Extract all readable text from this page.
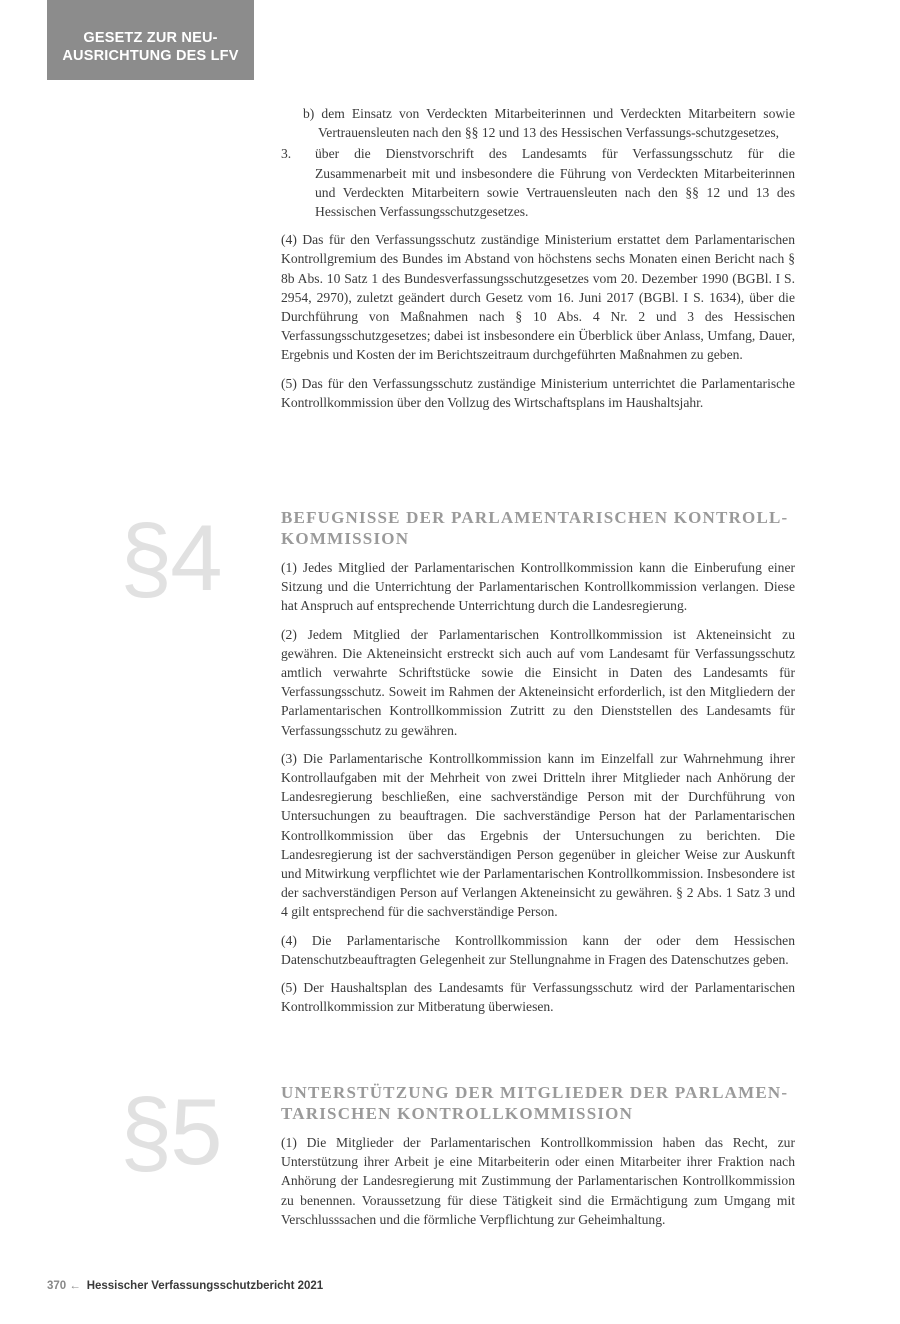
GESETZ ZUR NEU-
AUSRICHTUNG DES LFV

b) dem Einsatz von Verdeckten Mitarbeiterinnen und Verdeckten Mitarbeitern sowie Vertrauensleuten nach den §§ 12 und 13 des Hessischen Verfassungs-schutzgesetzes,

3. über die Dienstvorschrift des Landesamts für Verfassungsschutz für die Zusammenarbeit mit und insbesondere die Führung von Verdeckten Mitarbeiterinnen und Verdeckten Mitarbeitern sowie Vertrauensleuten nach den §§ 12 und 13 des Hessischen Verfassungsschutzgesetzes.

(4) Das für den Verfassungsschutz zuständige Ministerium erstattet dem Parlamentarischen Kontrollgremium des Bundes im Abstand von höchstens sechs Monaten einen Bericht nach § 8b Abs. 10 Satz 1 des Bundesverfassungsschutzgesetzes vom 20. Dezember 1990 (BGBl. I S. 2954, 2970), zuletzt geändert durch Gesetz vom 16. Juni 2017 (BGBl. I S. 1634), über die Durchführung von Maßnahmen nach § 10 Abs. 4 Nr. 2 und 3 des Hessischen Verfassungsschutzgesetzes; dabei ist insbesondere ein Überblick über Anlass, Umfang, Dauer, Ergebnis und Kosten der im Berichtszeitraum durchgeführten Maßnahmen zu geben.

(5) Das für den Verfassungsschutz zuständige Ministerium unterrichtet die Parlamentarische Kontrollkommission über den Vollzug des Wirtschaftsplans im Haushaltsjahr.

§4	BEFUGNISSE DER PARLAMENTARISCHEN KONTROLL-KOMMISSION

(1) Jedes Mitglied der Parlamentarischen Kontrollkommission kann die Einberufung einer Sitzung und die Unterrichtung der Parlamentarischen Kontrollkommission verlangen. Diese hat Anspruch auf entsprechende Unterrichtung durch die Landesregierung.

(2) Jedem Mitglied der Parlamentarischen Kontrollkommission ist Akteneinsicht zu gewähren. Die Akteneinsicht erstreckt sich auch auf vom Landesamt für Verfassungsschutz amtlich verwahrte Schriftstücke sowie die Einsicht in Daten des Landesamts für Verfassungsschutz. Soweit im Rahmen der Akteneinsicht erforderlich, ist den Mitgliedern der Parlamentarischen Kontrollkommission Zutritt zu den Dienststellen des Landesamts für Verfassungsschutz zu gewähren.

(3) Die Parlamentarische Kontrollkommission kann im Einzelfall zur Wahrnehmung ihrer Kontrollaufgaben mit der Mehrheit von zwei Dritteln ihrer Mitglieder nach Anhörung der Landesregierung beschließen, eine sachverständige Person mit der Durchführung von Untersuchungen zu beauftragen. Die sachverständige Person hat der Parlamentarischen Kontrollkommission über das Ergebnis der Untersuchungen zu berichten. Die Landesregierung ist der sachverständigen Person gegenüber in gleicher Weise zur Auskunft und Mitwirkung verpflichtet wie der Parlamentarischen Kontrollkommission. Insbesondere ist der sachverständigen Person auf Verlangen Akteneinsicht zu gewähren. § 2 Abs. 1 Satz 3 und 4 gilt entsprechend für die sachverständige Person.

(4) Die Parlamentarische Kontrollkommission kann der oder dem Hessischen Datenschutzbeauftragten Gelegenheit zur Stellungnahme in Fragen des Datenschutzes geben.

(5) Der Haushaltsplan des Landesamts für Verfassungsschutz wird der Parlamentarischen Kontrollkommission zur Mitberatung überwiesen.

§5	UNTERSTÜTZUNG DER MITGLIEDER DER PARLAMEN-TARISCHEN KONTROLLKOMMISSION

(1) Die Mitglieder der Parlamentarischen Kontrollkommission haben das Recht, zur Unterstützung ihrer Arbeit je eine Mitarbeiterin oder einen Mitarbeiter ihrer Fraktion nach Anhörung der Landesregierung mit Zustimmung der Parlamentarischen Kontrollkommission zu benennen. Voraussetzung für diese Tätigkeit sind die Ermächtigung zum Umgang mit Verschlusssachen und die förmliche Verpflichtung zur Geheimhaltung.

370 ← Hessischer Verfassungsschutzbericht 2021
